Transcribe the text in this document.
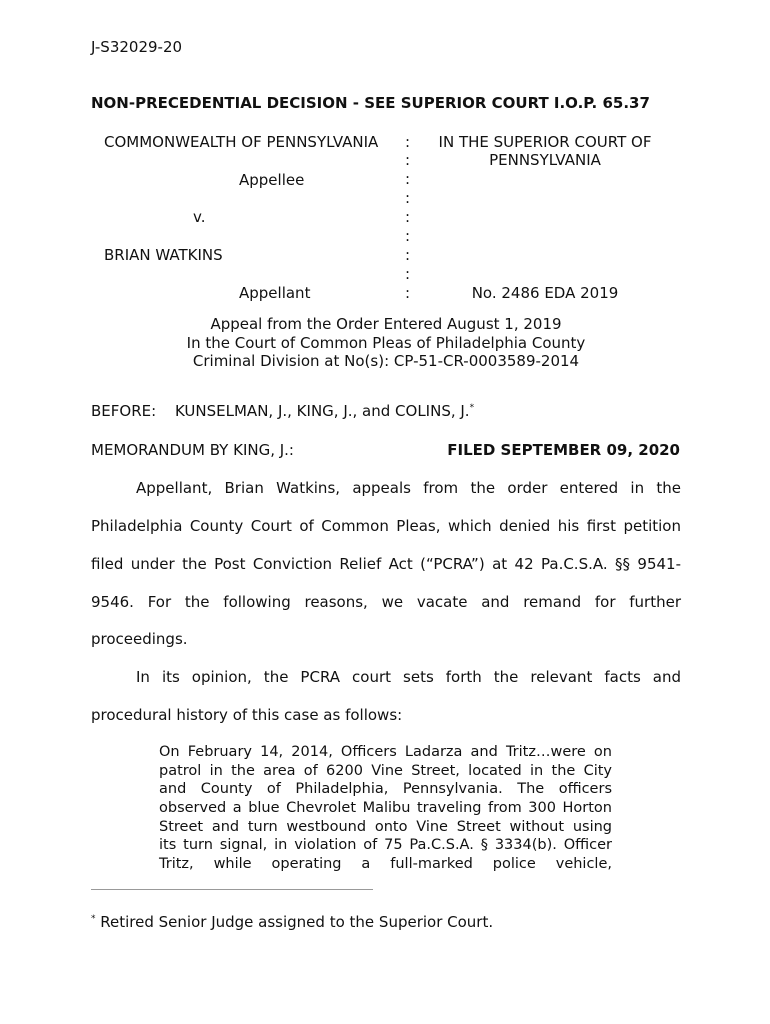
J-S32029-20
NON-PRECEDENTIAL DECISION - SEE SUPERIOR COURT I.O.P. 65.37
COMMONWEALTH OF PENNSYLVANIA
Appellee
v.
BRIAN WATKINS
Appellant
:
:
:
:
:
:
:
:
:
IN THE SUPERIOR COURT OF
PENNSYLVANIA
No. 2486 EDA 2019
Appeal from the Order Entered August 1, 2019
In the Court of Common Pleas of Philadelphia County
Criminal Division at No(s): CP-51-CR-0003589-2014
BEFORE: KUNSELMAN, J., KING, J., and COLINS, J.*
MEMORANDUM BY KING, J.:	FILED SEPTEMBER 09, 2020
Appellant, Brian Watkins, appeals from the order entered in the
Philadelphia County Court of Common Pleas, which denied his first petition
filed under the Post Conviction Relief Act (“PCRA”) at 42 Pa.C.S.A. §§ 9541-
9546. For the following reasons, we vacate and remand for further
proceedings.
In its opinion, the PCRA court sets forth the relevant facts and
procedural history of this case as follows:
On February 14, 2014, Officers Ladarza and Tritz…were on
patrol in the area of 6200 Vine Street, located in the City
and County of Philadelphia, Pennsylvania. The officers
observed a blue Chevrolet Malibu traveling from 300 Horton
Street and turn westbound onto Vine Street without using
its turn signal, in violation of 75 Pa.C.S.A. § 3334(b). Officer
Tritz, while operating a full-marked police vehicle,
* Retired Senior Judge assigned to the Superior Court.
